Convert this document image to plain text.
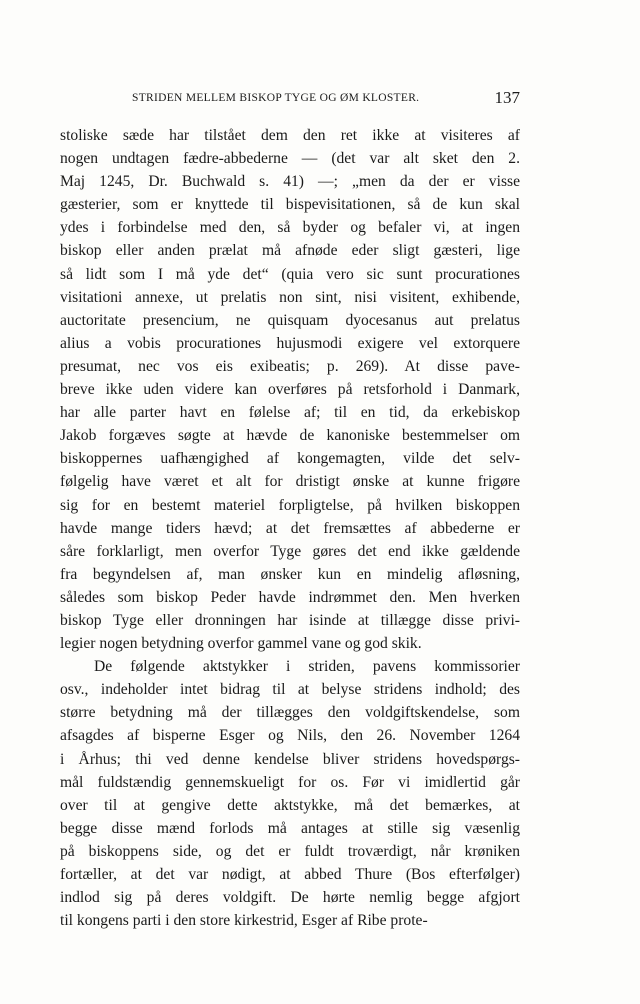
STRIDEN MELLEM BISKOP TYGE OG ØM KLOSTER.	137
stoliske sæde har tilstået dem den ret ikke at visiteres af
nogen undtagen fædre-abbederne — (det var alt sket den 2.
Maj 1245, Dr. Buchwald s. 41) —; „men da der er visse
gæsterier, som er knyttede til bispevisitationen, så de kun skal
ydes i forbindelse med den, så byder og befaler vi, at ingen
biskop eller anden prælat må afnøde eder sligt gæsteri, lige
så lidt som I må yde det“ (quia vero sic sunt procurationes
visitationi annexe, ut prelatis non sint, nisi visitent, exhibende,
auctoritate presencium, ne quisquam dyocesanus aut prelatus
alius a vobis procurationes hujusmodi exigere vel extorquere
presumat, nec vos eis exibeatis; p. 269). At disse pave-
breve ikke uden videre kan overføres på retsforhold i Danmark,
har alle parter havt en følelse af; til en tid, da erkebiskop
Jakob forgæves søgte at hævde de kanoniske bestemmelser om
biskoppernes uafhængighed af kongemagten, vilde det selv-
følgelig have været et alt for dristigt ønske at kunne frigøre
sig for en bestemt materiel forpligtelse, på hvilken biskoppen
havde mange tiders hævd; at det fremsættes af abbederne er
såre forklarligt, men overfor Tyge gøres det end ikke gældende
fra begyndelsen af, man ønsker kun en mindelig afløsning,
således som biskop Peder havde indrømmet den. Men hverken
biskop Tyge eller dronningen har isinde at tillægge disse privi-
legier nogen betydning overfor gammel vane og god skik.
De følgende aktstykker i striden, pavens kommissorier
osv., indeholder intet bidrag til at belyse stridens indhold; des
større betydning må der tillægges den voldgiftskendelse, som
afsagdes af bisperne Esger og Nils, den 26. November 1264
i Århus; thi ved denne kendelse bliver stridens hovedspørgs-
mål fuldstændig gennemskueligt for os. Før vi imidlertid går
over til at gengive dette aktstykke, må det bemærkes, at
begge disse mænd forlods må antages at stille sig væsenlig
på biskoppens side, og det er fuldt troværdigt, når krøniken
fortæller, at det var nødigt, at abbed Thure (Bos efterfølger)
indlod sig på deres voldgift. De hørte nemlig begge afgjort
til kongens parti i den store kirkestrid, Esger af Ribe prote-
